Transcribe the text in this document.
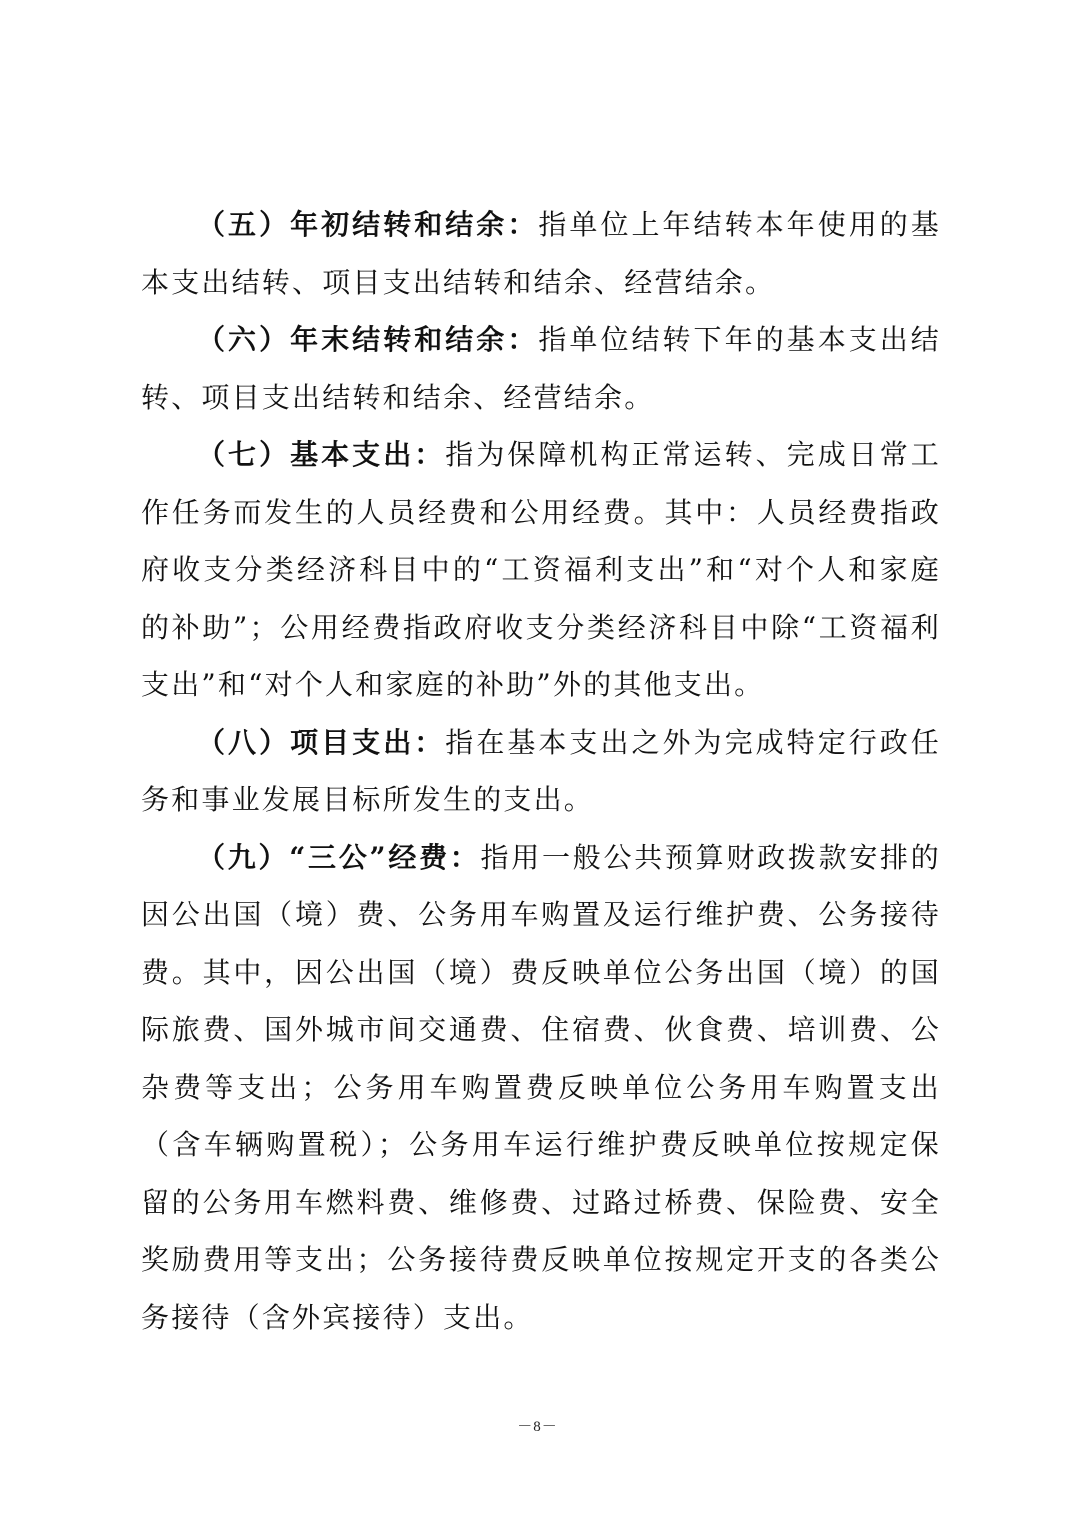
（五）年初结转和结余：指单位上年结转本年使用的基本支出结转、项目支出结转和结余、经营结余。

（六）年末结转和结余：指单位结转下年的基本支出结转、项目支出结转和结余、经营结余。

（七）基本支出：指为保障机构正常运转、完成日常工作任务而发生的人员经费和公用经费。其中：人员经费指政府收支分类经济科目中的“工资福利支出”和“对个人和家庭的补助”；公用经费指政府收支分类经济科目中除“工资福利支出”和“对个人和家庭的补助”外的其他支出。

（八）项目支出：指在基本支出之外为完成特定行政任务和事业发展目标所发生的支出。

（九）“三公”经费：指用一般公共预算财政拨款安排的因公出国（境）费、公务用车购置及运行维护费、公务接待费。其中，因公出国（境）费反映单位公务出国（境）的国际旅费、国外城市间交通费、住宿费、伙食费、培训费、公杂费等支出；公务用车购置费反映单位公务用车购置支出（含车辆购置税）；公务用车运行维护费反映单位按规定保留的公务用车燃料费、维修费、过路过桥费、保险费、安全奖励费用等支出；公务接待费反映单位按规定开支的各类公务接待（含外宾接待）支出。

－8－
